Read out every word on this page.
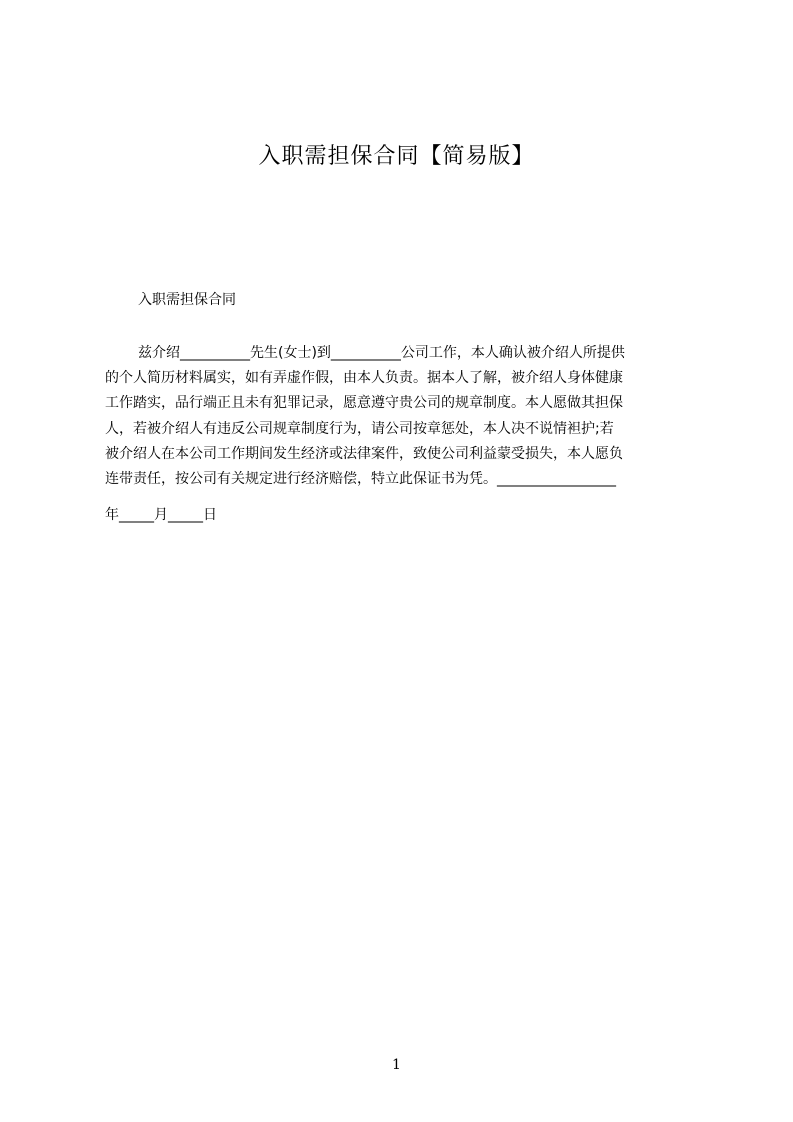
入职需担保合同【简易版】
入职需担保合同
兹介绍__________先生(女士)到__________公司工作，本人确认被介绍人所提供
的个人简历材料属实，如有弄虚作假，由本人负责。据本人了解，被介绍人身体健康
工作踏实，品行端正且未有犯罪记录，愿意遵守贵公司的规章制度。本人愿做其担保
人，若被介绍人有违反公司规章制度行为，请公司按章惩处，本人决不说情袒护;若
被介绍人在本公司工作期间发生经济或法律案件，致使公司利益蒙受损失，本人愿负
连带责任，按公司有关规定进行经济赔偿，特立此保证书为凭。_________________
年_____月_____日
1
